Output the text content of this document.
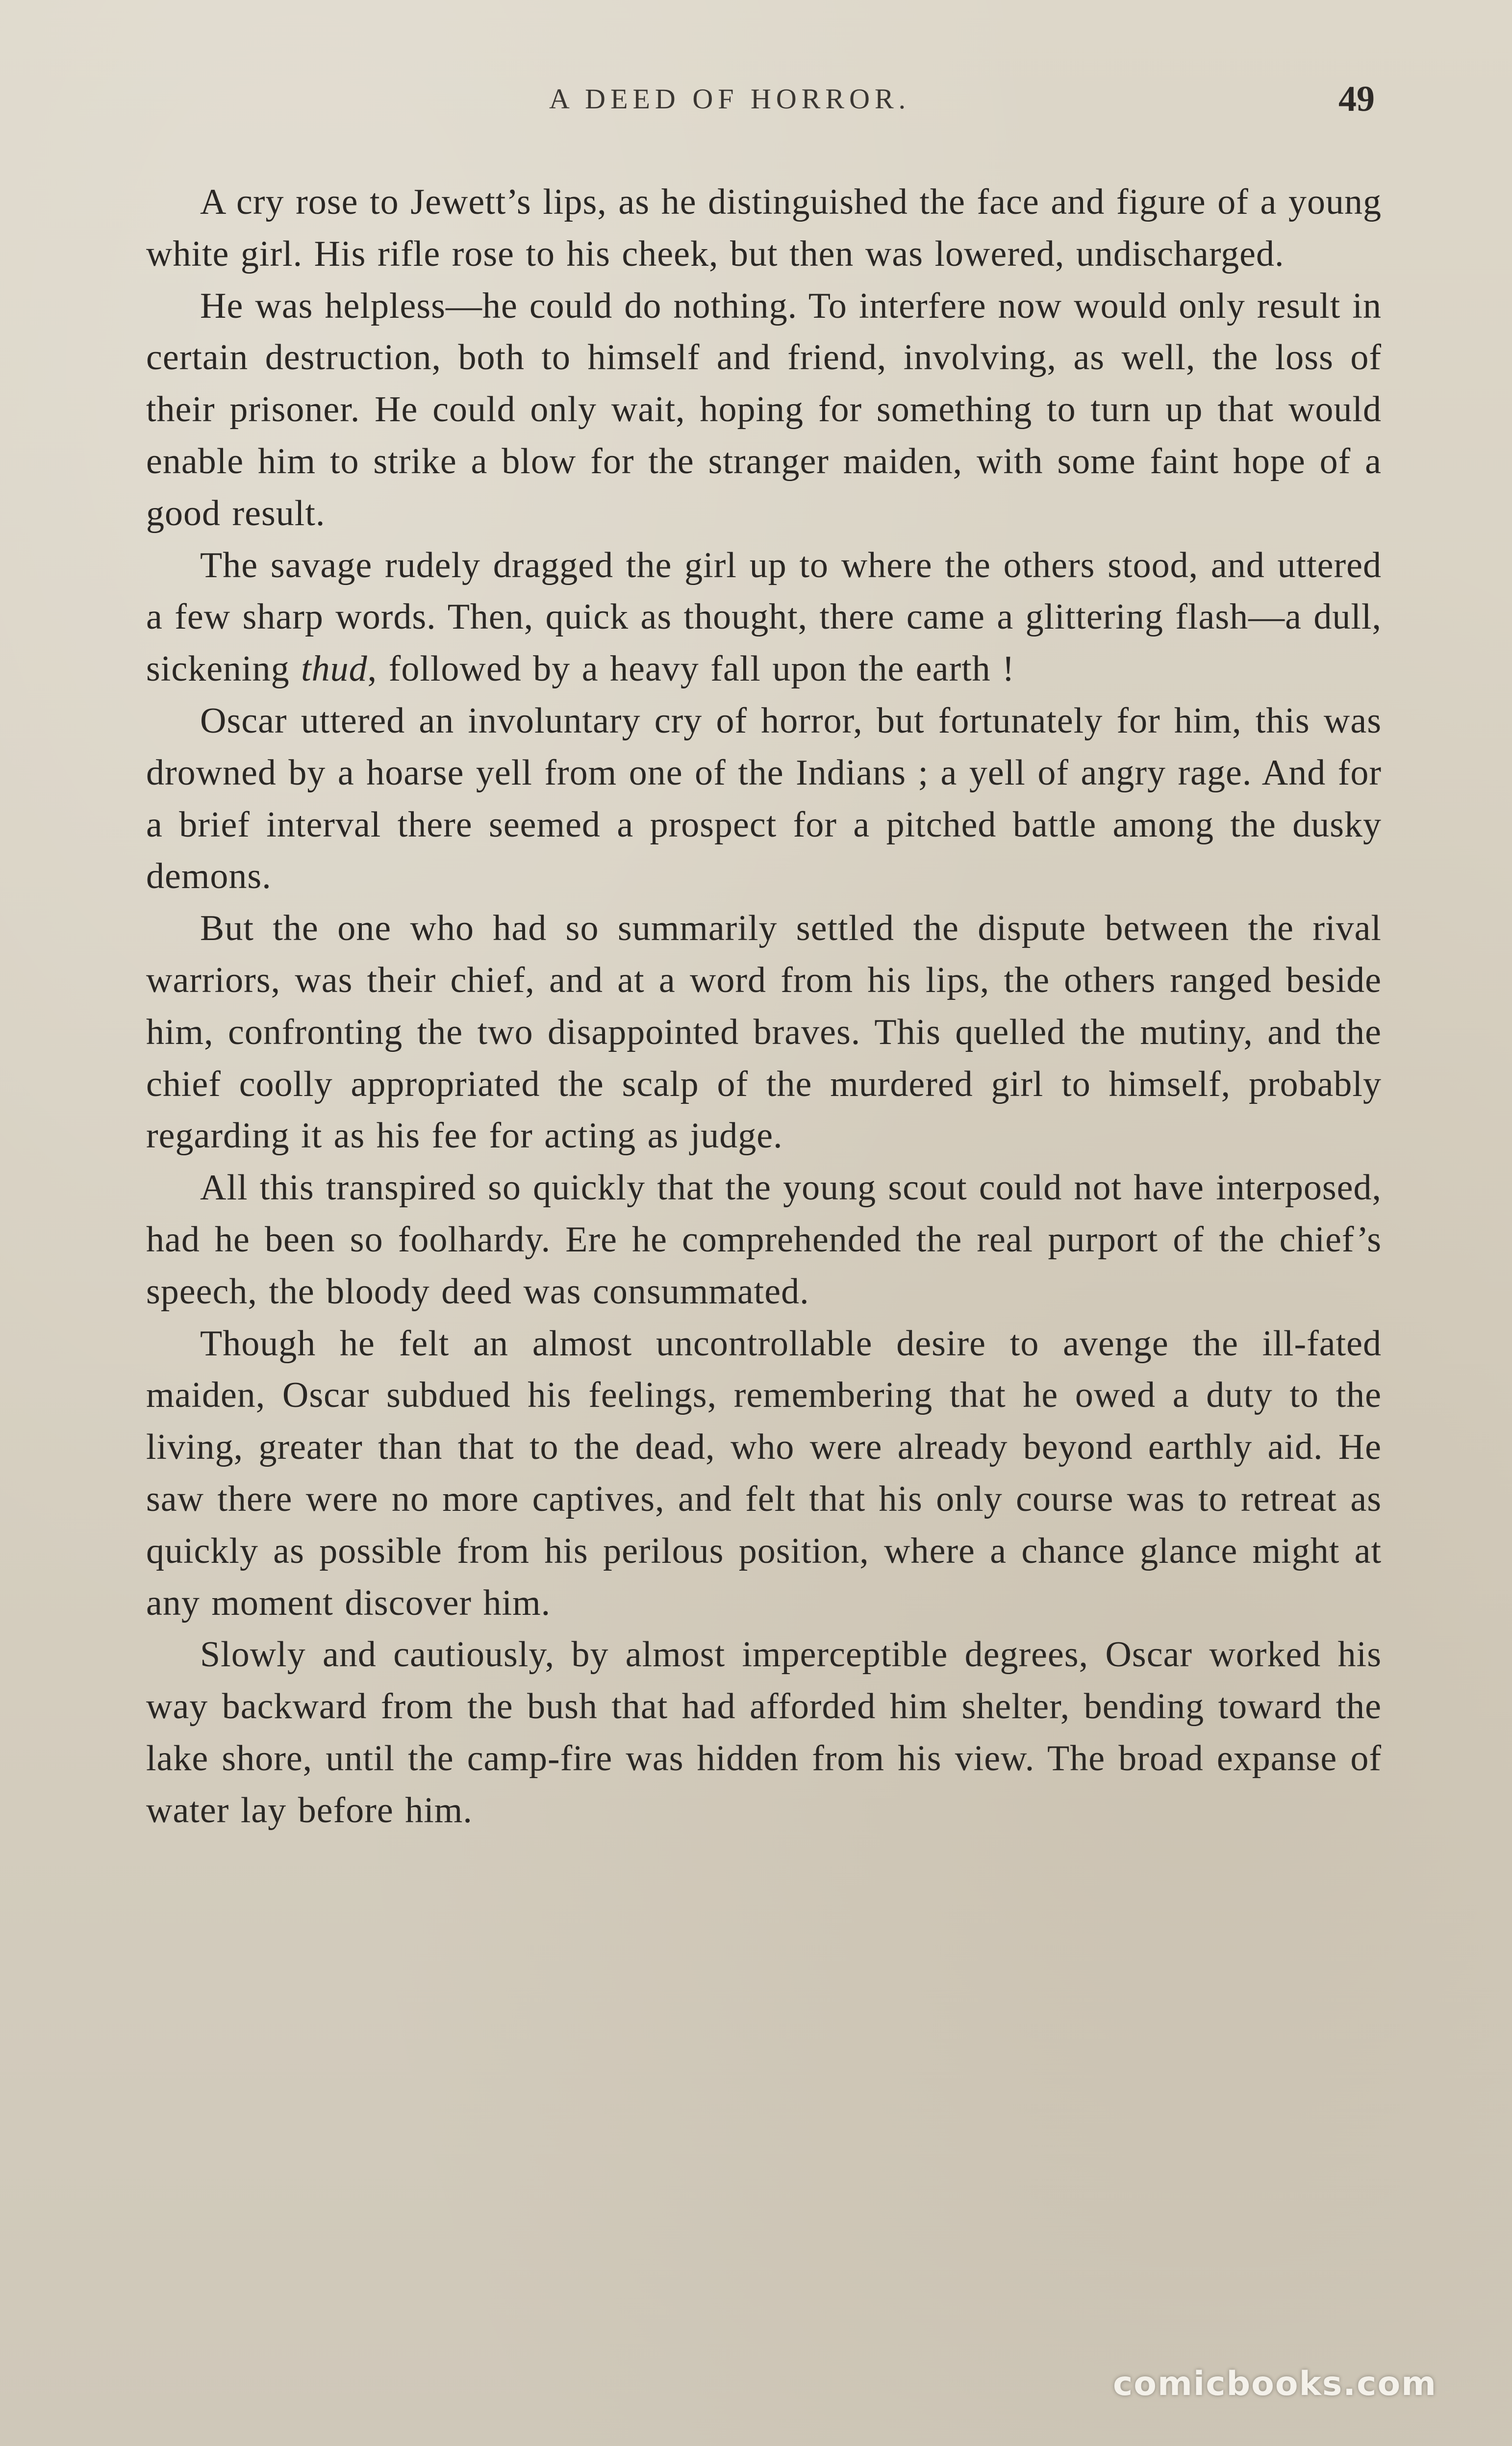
A DEED OF HORROR.	49

A cry rose to Jewett’s lips, as he distinguished the face and figure of a young white girl. His rifle rose to his cheek, but then was lowered, undischarged.

He was helpless—he could do nothing. To interfere now would only result in certain destruction, both to himself and friend, involving, as well, the loss of their prisoner. He could only wait, hoping for something to turn up that would enable him to strike a blow for the stranger maiden, with some faint hope of a good result.

The savage rudely dragged the girl up to where the others stood, and uttered a few sharp words. Then, quick as thought, there came a glittering flash—a dull, sickening thud, followed by a heavy fall upon the earth !

Oscar uttered an involuntary cry of horror, but fortunately for him, this was drowned by a hoarse yell from one of the Indians ; a yell of angry rage. And for a brief interval there seemed a prospect for a pitched battle among the dusky demons.

But the one who had so summarily settled the dispute between the rival warriors, was their chief, and at a word from his lips, the others ranged beside him, confronting the two disappointed braves. This quelled the mutiny, and the chief coolly appropriated the scalp of the murdered girl to himself, probably regarding it as his fee for acting as judge.

All this transpired so quickly that the young scout could not have interposed, had he been so foolhardy. Ere he comprehended the real purport of the chief’s speech, the bloody deed was consummated.

Though he felt an almost uncontrollable desire to avenge the ill-fated maiden, Oscar subdued his feelings, remembering that he owed a duty to the living, greater than that to the dead, who were already beyond earthly aid. He saw there were no more captives, and felt that his only course was to retreat as quickly as possible from his perilous position, where a chance glance might at any moment discover him.

Slowly and cautiously, by almost imperceptible degrees, Oscar worked his way backward from the bush that had afforded him shelter, bending toward the lake shore, until the camp-fire was hidden from his view. The broad expanse of water lay before him.

comicbooks.com
